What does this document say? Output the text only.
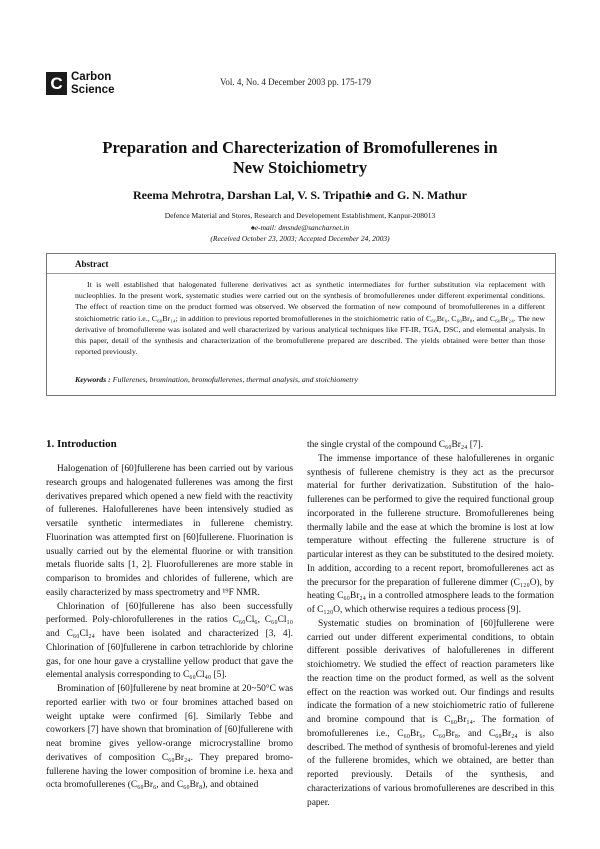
C Carbon
Science
Vol. 4, No. 4 December 2003 pp. 175-179
Preparation and Charecterization of Bromofullerenes in
New Stoichiometry
Reema Mehrotra, Darshan Lal, V. S. Tripathi♠ and G. N. Mathur
Defence Material and Stores, Research and Developement Establishment, Kanpur-208013
♠e-mail: dmsnde@sancharnet.in
(Received October 23, 2003; Accepted December 24, 2003)
Abstract
It is well established that halogenated fullerene derivatives act as synthetic intermediates for further substitution via replacement with nucleophlies. In the present work, systematic studies were carried out on the synthesis of bromofullerenes under different experimental conditions. The effect of reaction time on the product formed was observed. We observed the formation of new compound of bromofullerenes in a different stoichiometric ratio i.e., C₆₀Br₁₄; in addition to previous reported bromofullerenes in the stoichiometric ratio of C₆₀Br₆, C₆₀Br₈, and C₆₀Br₂₄. The new derivative of bromofullerene was isolated and well characterized by various analytical techniques like FT-IR, TGA, DSC, and elemental analysis. In this paper, detail of the synthesis and characterization of the bromofullerene prepared are described. The yields obtained were better than those reported previously.
Keywords : Fullerenes, bromination, bromofullerenes, thermal analysis, and stoichiometry
1. Introduction

Halogenation of [60]fullerene has been carried out by various research groups and halogenated fullerenes was among the first derivatives prepared which opened a new field with the reactivity of fullerenes. Halofullerenes have been intensively studied as versatile synthetic intermediates in fullerene chemistry. Fluorination was attempted first on [60]fullerene. Fluorination is usually carried out by the elemental fluorine or with transition metals fluoride salts [1, 2]. Fluorofullerenes are more stable in comparison to bromides and chlorides of fullerene, which are easily characterized by mass spectrometry and ¹⁹F NMR.

Chlorination of [60]fullerene has also been successfully performed. Poly-chlorofullerenes in the ratios C₆₀Cl₆, C₆₀Cl₁₀ and C₆₀Cl₂₄ have been isolated and characterized [3, 4]. Chlorination of [60]fullerene in carbon tetrachloride by chlorine gas, for one hour gave a crystalline yellow product that gave the elemental analysis corresponding to C₆₀Cl₄₀ [5].

Bromination of [60]fullerene by neat bromine at 20~50°C was reported earlier with two or four bromines attached based on weight uptake were confirmed [6]. Similarly Tebbe and coworkers [7] have shown that bromination of [60]fullerene with neat bromine gives yellow-orange microcrystalline bromo derivatives of composition C₆₀Br₂₄. They prepared bromo-fullerene having the lower composition of bromine i.e. hexa and octa bromofullerenes (C₆₀Br₆, and C₆₀Br₈), and obtained

the single crystal of the compound C₆₀Br₂₄ [7].

The immense importance of these halofullerenes in organic synthesis of fullerene chemistry is they act as the precursor material for further derivatization. Substitution of the halo-fullerenes can be performed to give the required functional group incorporated in the fullerene structure. Bromofullerenes being thermally labile and the ease at which the bromine is lost at low temperature without effecting the fullerene structure is of particular interest as they can be substituted to the desired moiety. In addition, according to a recent report, bromofullerenes act as the precursor for the preparation of fullerene dimmer (C₁₂₀O), by heating C₆₀Br₂₄ in a controlled atmosphere leads to the formation of C₁₂₀O, which otherwise requires a tedious process [9].

Systematic studies on bromination of [60]fullerene were carried out under different experimental conditions, to obtain different possible derivatives of halofullerenes in different stoichiometry. We studied the effect of reaction parameters like the reaction time on the product formed, as well as the solvent effect on the reaction was worked out. Our findings and results indicate the formation of a new stoichiometric ratio of fullerene and bromine compound that is C₆₀Br₁₄. The formation of bromofullerenes i.e., C₆₀Br₆, C₆₀Br₈, and C₆₀Br₂₄ is also described. The method of synthesis of bromoful-lerenes and yield of the fullerene bromides, which we obtained, are better than reported previously. Details of the synthesis, and characterizations of various bromofullerenes are described in this paper.
